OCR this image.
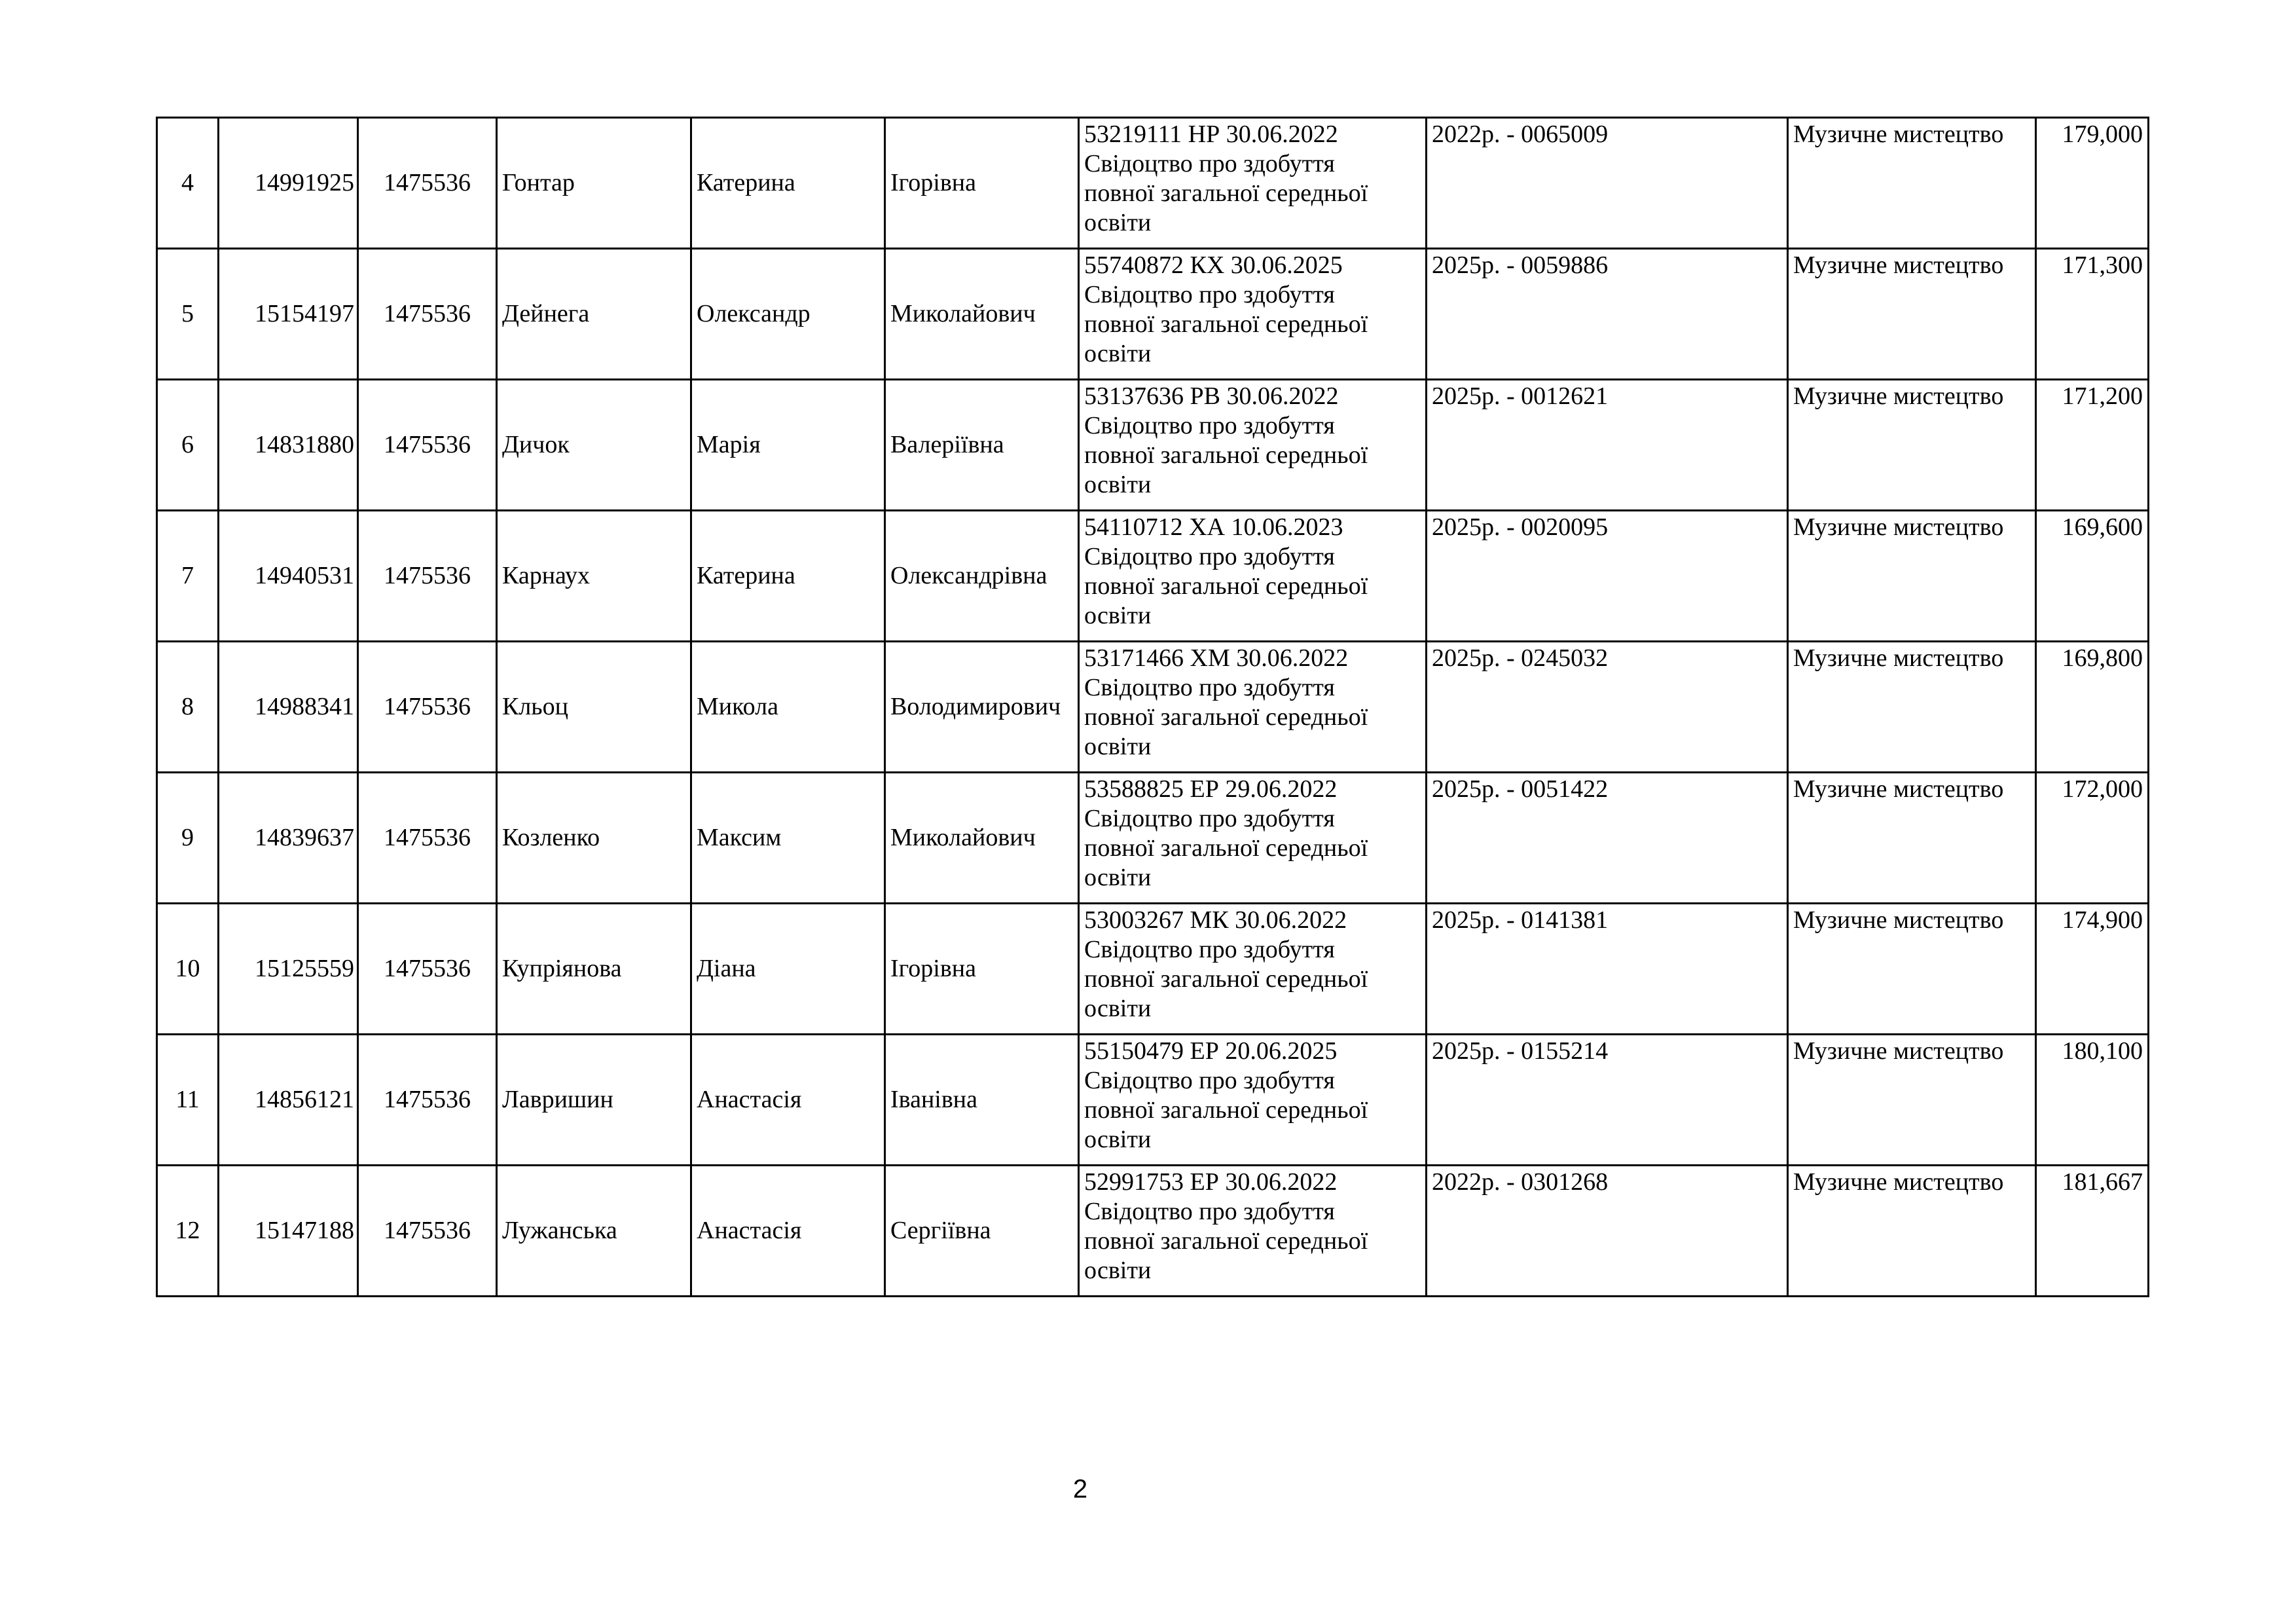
4	14991925	1475536	Гонтар	Катерина	Ігорівна	53219111 НР 30.06.2022
Свідоцтво про здобуття
повної загальної середньої
освіти	2022р. - 0065009	Музичне мистецтво	179,000
5	15154197	1475536	Дейнега	Олександр	Миколайович	55740872 КХ 30.06.2025
Свідоцтво про здобуття
повної загальної середньої
освіти	2025р. - 0059886	Музичне мистецтво	171,300
6	14831880	1475536	Дичок	Марія	Валеріївна	53137636 РВ 30.06.2022
Свідоцтво про здобуття
повної загальної середньої
освіти	2025р. - 0012621	Музичне мистецтво	171,200
7	14940531	1475536	Карнаух	Катерина	Олександрівна	54110712 ХА 10.06.2023
Свідоцтво про здобуття
повної загальної середньої
освіти	2025р. - 0020095	Музичне мистецтво	169,600
8	14988341	1475536	Кльоц	Микола	Володимирович	53171466 ХМ 30.06.2022
Свідоцтво про здобуття
повної загальної середньої
освіти	2025р. - 0245032	Музичне мистецтво	169,800
9	14839637	1475536	Козленко	Максим	Миколайович	53588825 ЕР 29.06.2022
Свідоцтво про здобуття
повної загальної середньої
освіти	2025р. - 0051422	Музичне мистецтво	172,000
10	15125559	1475536	Купріянова	Діана	Ігорівна	53003267 МК 30.06.2022
Свідоцтво про здобуття
повної загальної середньої
освіти	2025р. - 0141381	Музичне мистецтво	174,900
11	14856121	1475536	Лавришин	Анастасія	Іванівна	55150479 ЕР 20.06.2025
Свідоцтво про здобуття
повної загальної середньої
освіти	2025р. - 0155214	Музичне мистецтво	180,100
12	15147188	1475536	Лужанська	Анастасія	Сергіївна	52991753 ЕР 30.06.2022
Свідоцтво про здобуття
повної загальної середньої
освіти	2022р. - 0301268	Музичне мистецтво	181,667
2
